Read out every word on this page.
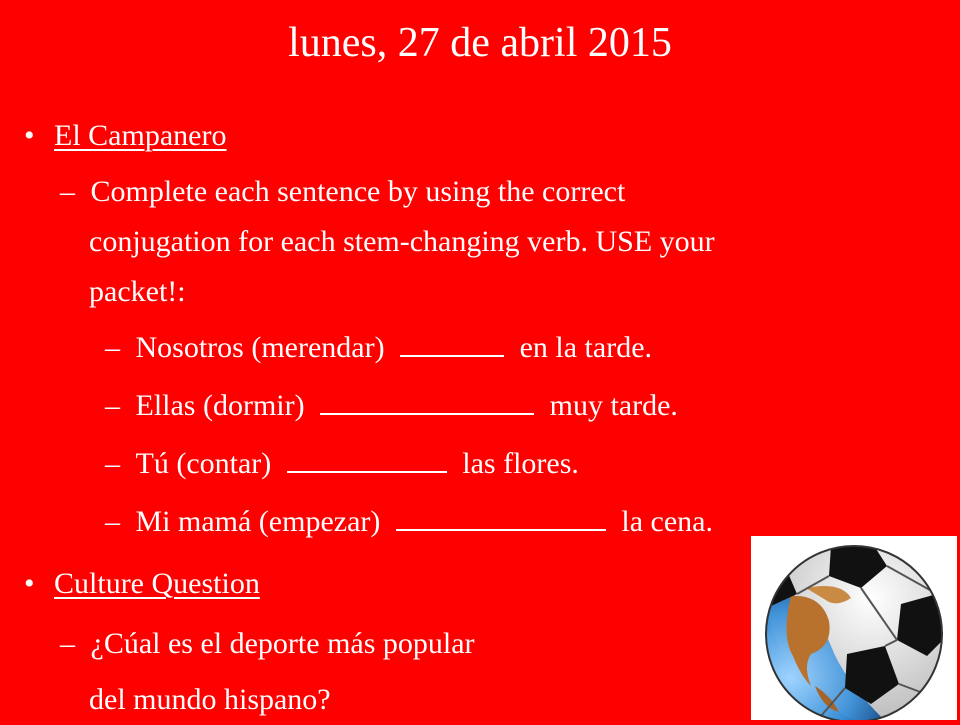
lunes, 27 de abril 2015
• El Campanero
– Complete each sentence by using the correct
conjugation for each stem-changing verb. USE your
packet!:
– Nosotros (merendar)	en la tarde.
– Ellas (dormir)	muy tarde.
– Tú (contar)	las flores.
– Mi mamá (empezar)	la cena.
• Culture Question
– ¿Cúal es el deporte más popular
del mundo hispano?
